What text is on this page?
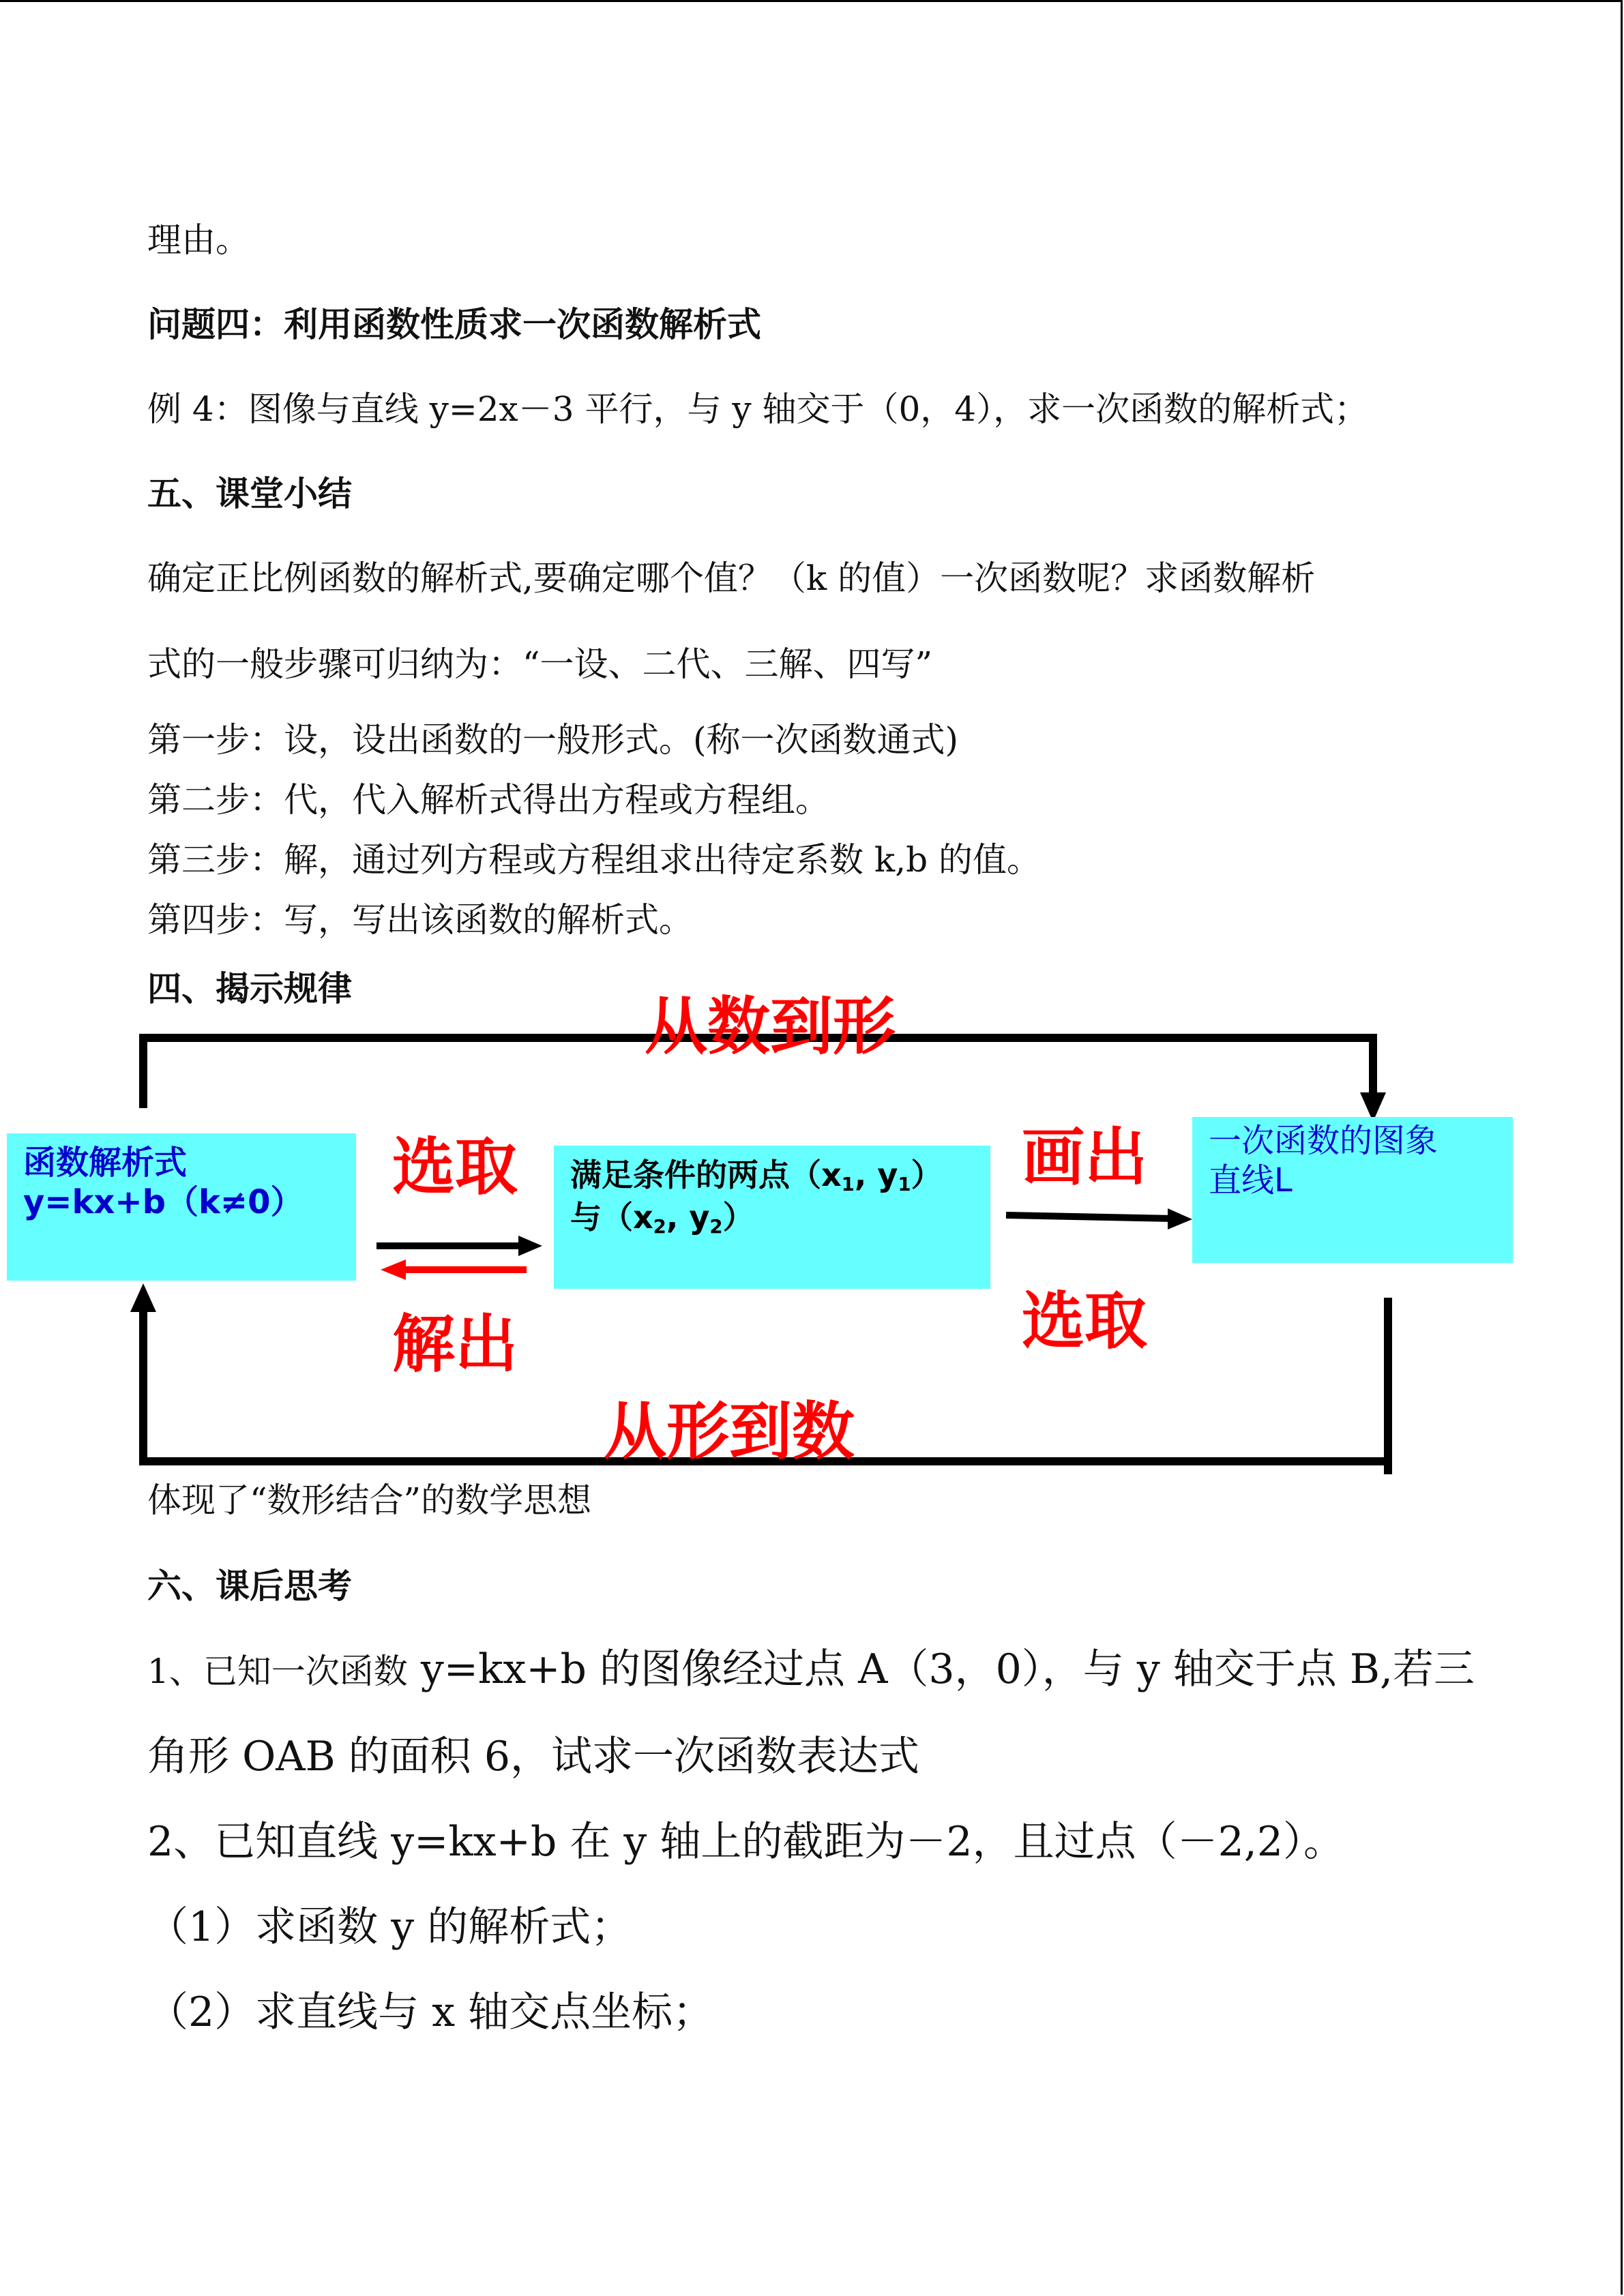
理由。
问题四：利用函数性质求一次函数解析式
例 4：图像与直线 y=2x－3 平行，与 y 轴交于（0，4），求一次函数的解析式；
五、课堂小结
确定正比例函数的解析式,要确定哪个值？（k 的值）一次函数呢？求函数解析
式的一般步骤可归纳为：“一设、二代、三解、四写”
第一步：设，设出函数的一般形式。(称一次函数通式)
第二步：代，代入解析式得出方程或方程组。
第三步：解，通过列方程或方程组求出待定系数 k,b 的值。
第四步：写，写出该函数的解析式。
四、揭示规律
函数解析式
y=kx+b（k≠0）
满足条件的两点（$x_1$, $y_1$）
与（$x_2$, $y_2$）
一次函数的图象
直线L
从数到形
选取
解出
画出
选取
从形到数
体现了“数形结合”的数学思想
六、课后思考
1、已知一次函数 y=kx+b 的图像经过点 A（3，0），与 y 轴交于点 B,若三
角形 OAB 的面积 6，试求一次函数表达式
2、已知直线 y=kx+b 在 y 轴上的截距为－2，且过点（－2,2）。
（1）求函数 y 的解析式；
（2）求直线与 x 轴交点坐标；
